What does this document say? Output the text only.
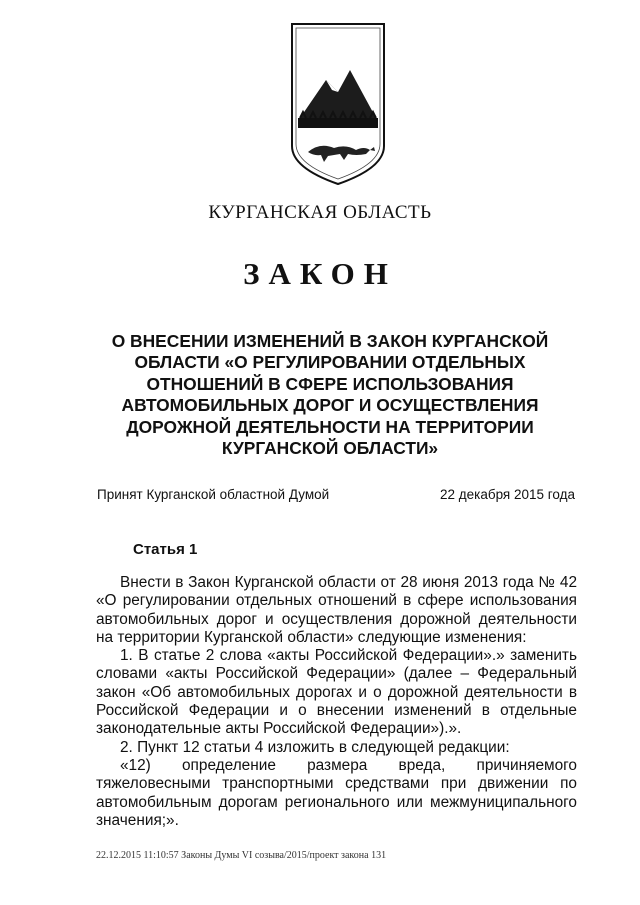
КУРГАНСКАЯ ОБЛАСТЬ
ЗАКОН
О ВНЕСЕНИИ ИЗМЕНЕНИЙ В ЗАКОН КУРГАНСКОЙ ОБЛАСТИ «О РЕГУЛИРОВАНИИ ОТДЕЛЬНЫХ ОТНОШЕНИЙ В СФЕРЕ ИСПОЛЬЗОВАНИЯ АВТОМОБИЛЬНЫХ ДОРОГ И ОСУЩЕСТВЛЕНИЯ ДОРОЖНОЙ ДЕЯТЕЛЬНОСТИ НА ТЕРРИТОРИИ КУРГАНСКОЙ ОБЛАСТИ»
Принят Курганской областной Думой	22 декабря 2015 года
Статья 1

Внести в Закон Курганской области от 28 июня 2013 года № 42 «О регулировании отдельных отношений в сфере использования автомобильных дорог и осуществления дорожной деятельности на территории Курганской области» следующие изменения:

1. В статье 2 слова «акты Российской Федерации».» заменить словами «акты Российской Федерации» (далее – Федеральный закон «Об автомобильных дорогах и о дорожной деятельности в Российской Федерации и о внесении изменений в отдельные законодательные акты Российской Федерации»).».

2. Пункт 12 статьи 4 изложить в следующей редакции:

«12) определение размера вреда, причиняемого тяжеловесными транспортными средствами при движении по автомобильным дорогам регионального или межмуниципального значения;».

22.12.2015 11:10:57 Законы Думы VI созыва/2015/проект закона 131
